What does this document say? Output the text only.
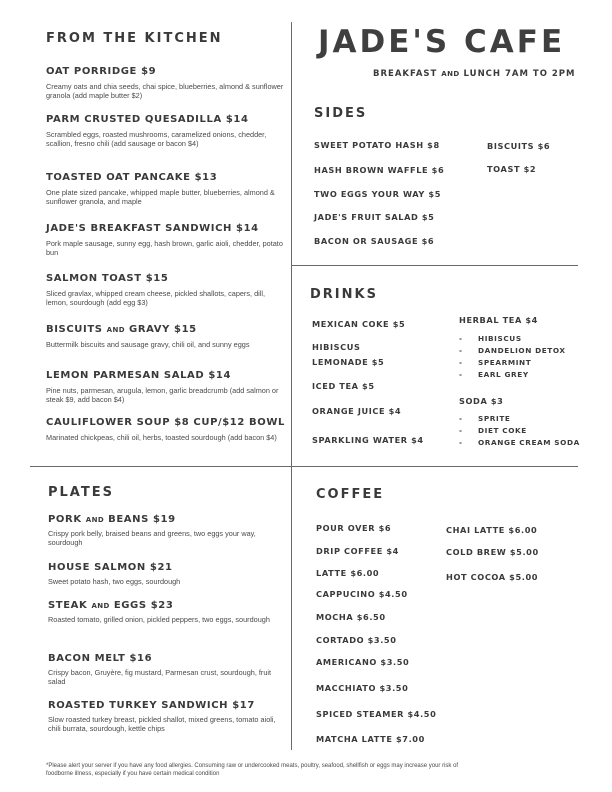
JADE'S CAFE
BREAKFAST AND LUNCH 7AM TO 2PM
FROM THE KITCHEN
OAT PORRIDGE $9
Creamy oats and chia seeds, chai spice, blueberries, almond & sunflower granola (add maple butter $2)
PARM CRUSTED QUESADILLA $14
Scrambled eggs, roasted mushrooms, caramelized onions, chedder, scallion, fresno chili (add sausage or bacon $4)
TOASTED OAT PANCAKE $13
One plate sized pancake, whipped maple butter, blueberries, almond & sunflower granola, and maple
JADE'S BREAKFAST SANDWICH $14
Pork maple sausage, sunny egg, hash brown, garlic aioli, chedder, potato bun
SALMON TOAST $15
Sliced gravlax, whipped cream cheese, pickled shallots, capers, dill, lemon, sourdough (add egg $3)
BISCUITS AND GRAVY $15
Buttermilk biscuits and sausage gravy, chili oil, and sunny eggs
LEMON PARMESAN SALAD $14
Pine nuts, parmesan, arugula, lemon, garlic breadcrumb (add salmon or steak $9, add bacon $4)
CAULIFLOWER SOUP $8 CUP/$12 BOWL
Marinated chickpeas, chili oil, herbs, toasted sourdough (add bacon $4)
SIDES
SWEET POTATO HASH $8
HASH BROWN WAFFLE $6
TWO EGGS YOUR WAY $5
JADE'S FRUIT SALAD $5
BACON OR SAUSAGE $6
BISCUITS $6
TOAST $2
DRINKS
MEXICAN COKE $5
HIBISCUS
LEMONADE $5
ICED TEA $5
ORANGE JUICE $4
SPARKLING WATER $4
HERBAL TEA $4
- HIBISCUS
- DANDELION DETOX
- SPEARMINT
- EARL GREY
SODA $3
- SPRITE
- DIET COKE
- ORANGE CREAM SODA
PLATES
PORK AND BEANS $19
Crispy pork belly, braised beans and greens, two eggs your way, sourdough
HOUSE SALMON $21
Sweet potato hash, two eggs, sourdough
STEAK AND EGGS $23
Roasted tomato, grilled onion, pickled peppers, two eggs, sourdough
BACON MELT $16
Crispy bacon, Gruyère, fig mustard, Parmesan crust, sourdough, fruit salad
ROASTED TURKEY SANDWICH $17
Slow roasted turkey breast, pickled shallot, mixed greens, tomato aioli, chili burrata, sourdough, kettle chips
COFFEE
POUR OVER $6
DRIP COFFEE $4
LATTE $6.00
CAPPUCINO $4.50
MOCHA $6.50
CORTADO $3.50
AMERICANO $3.50
MACCHIATO $3.50
SPICED STEAMER $4.50
MATCHA LATTE $7.00
CHAI LATTE $6.00
COLD BREW $5.00
HOT COCOA $5.00
*Please alert your server if you have any food allergies. Consuming raw or undercooked meats, poultry, seafood, shellfish or eggs may increase your risk of foodborne illness, especially if you have certain medical condition
